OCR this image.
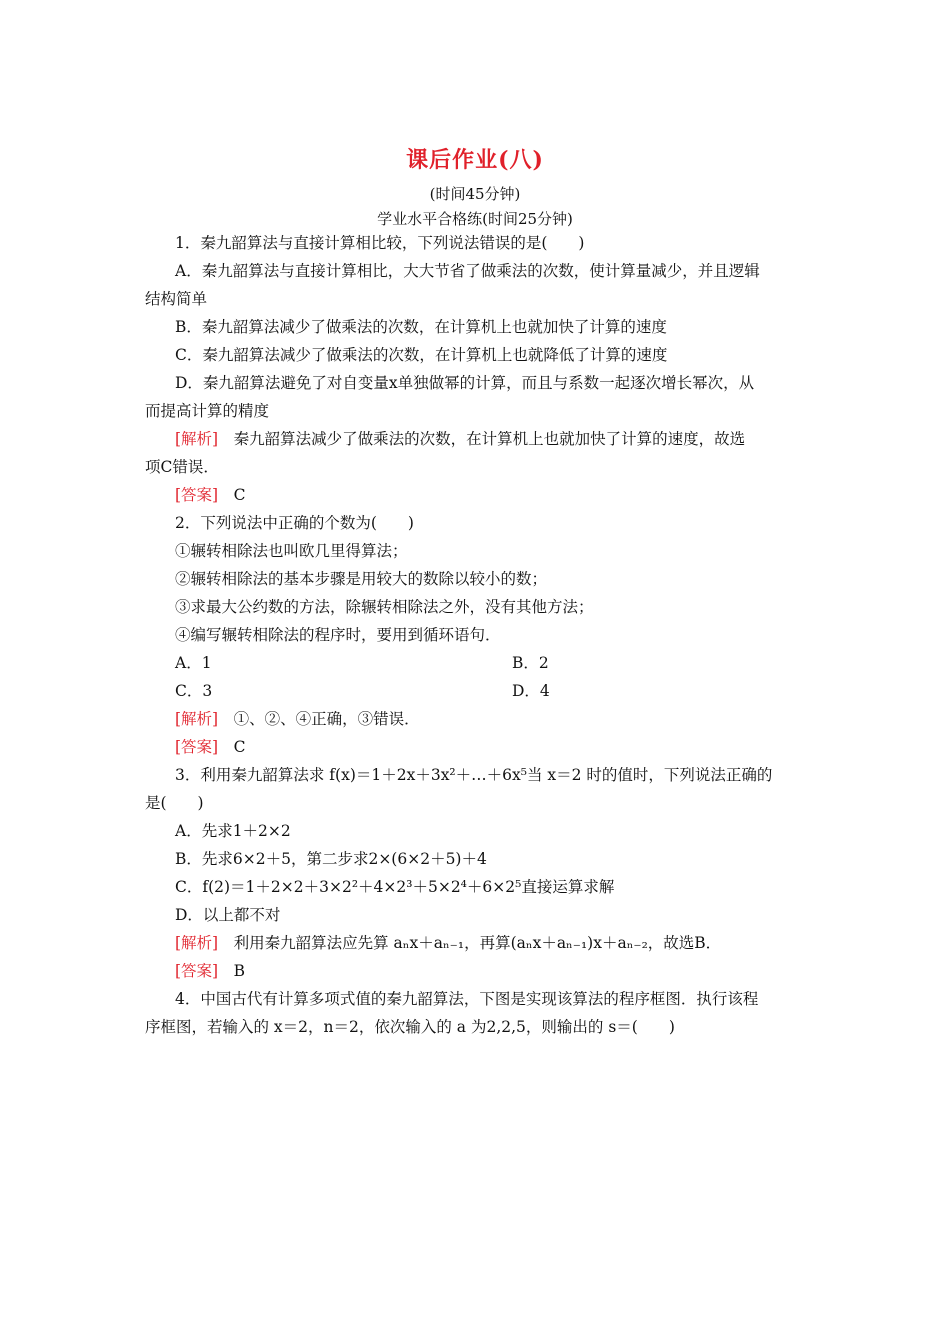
课后作业(八)
(时间45分钟)
学业水平合格练(时间25分钟)
1．秦九韶算法与直接计算相比较，下列说法错误的是(　　)
A．秦九韶算法与直接计算相比，大大节省了做乘法的次数，使计算量减少，并且逻辑
结构简单
B．秦九韶算法减少了做乘法的次数，在计算机上也就加快了计算的速度
C．秦九韶算法减少了做乘法的次数，在计算机上也就降低了计算的速度
D．秦九韶算法避免了对自变量x单独做幂的计算，而且与系数一起逐次增长幂次，从
而提高计算的精度
[解析]　 秦九韶算法减少了做乘法的次数，在计算机上也就加快了计算的速度，故选
项C错误．
[答案]　 C
2．下列说法中正确的个数为(　　)
①辗转相除法也叫欧几里得算法；
②辗转相除法的基本步骤是用较大的数除以较小的数；
③求最大公约数的方法，除辗转相除法之外，没有其他方法；
④编写辗转相除法的程序时，要用到循环语句．
A．1	B．2
C．3	D．4
[解析]　 ①、②、④正确，③错误．
[答案]　 C
3．利用秦九韶算法求 f(x)＝1＋2x＋3x²＋…＋6x⁵当 x＝2 时的值时，下列说法正确的
是(　　)
A．先求1＋2×2
B．先求6×2＋5，第二步求2×(6×2＋5)＋4
C．f(2)＝1＋2×2＋3×2²＋4×2³＋5×2⁴＋6×2⁵直接运算求解
D．以上都不对
[解析]　 利用秦九韶算法应先算 aₙx＋aₙ₋₁，再算(aₙx＋aₙ₋₁)x＋aₙ₋₂，故选B．
[答案]　 B
4．中国古代有计算多项式值的秦九韶算法，下图是实现该算法的程序框图．执行该程
序框图，若输入的 x＝2，n＝2，依次输入的 a 为2,2,5，则输出的 s＝(　　)
